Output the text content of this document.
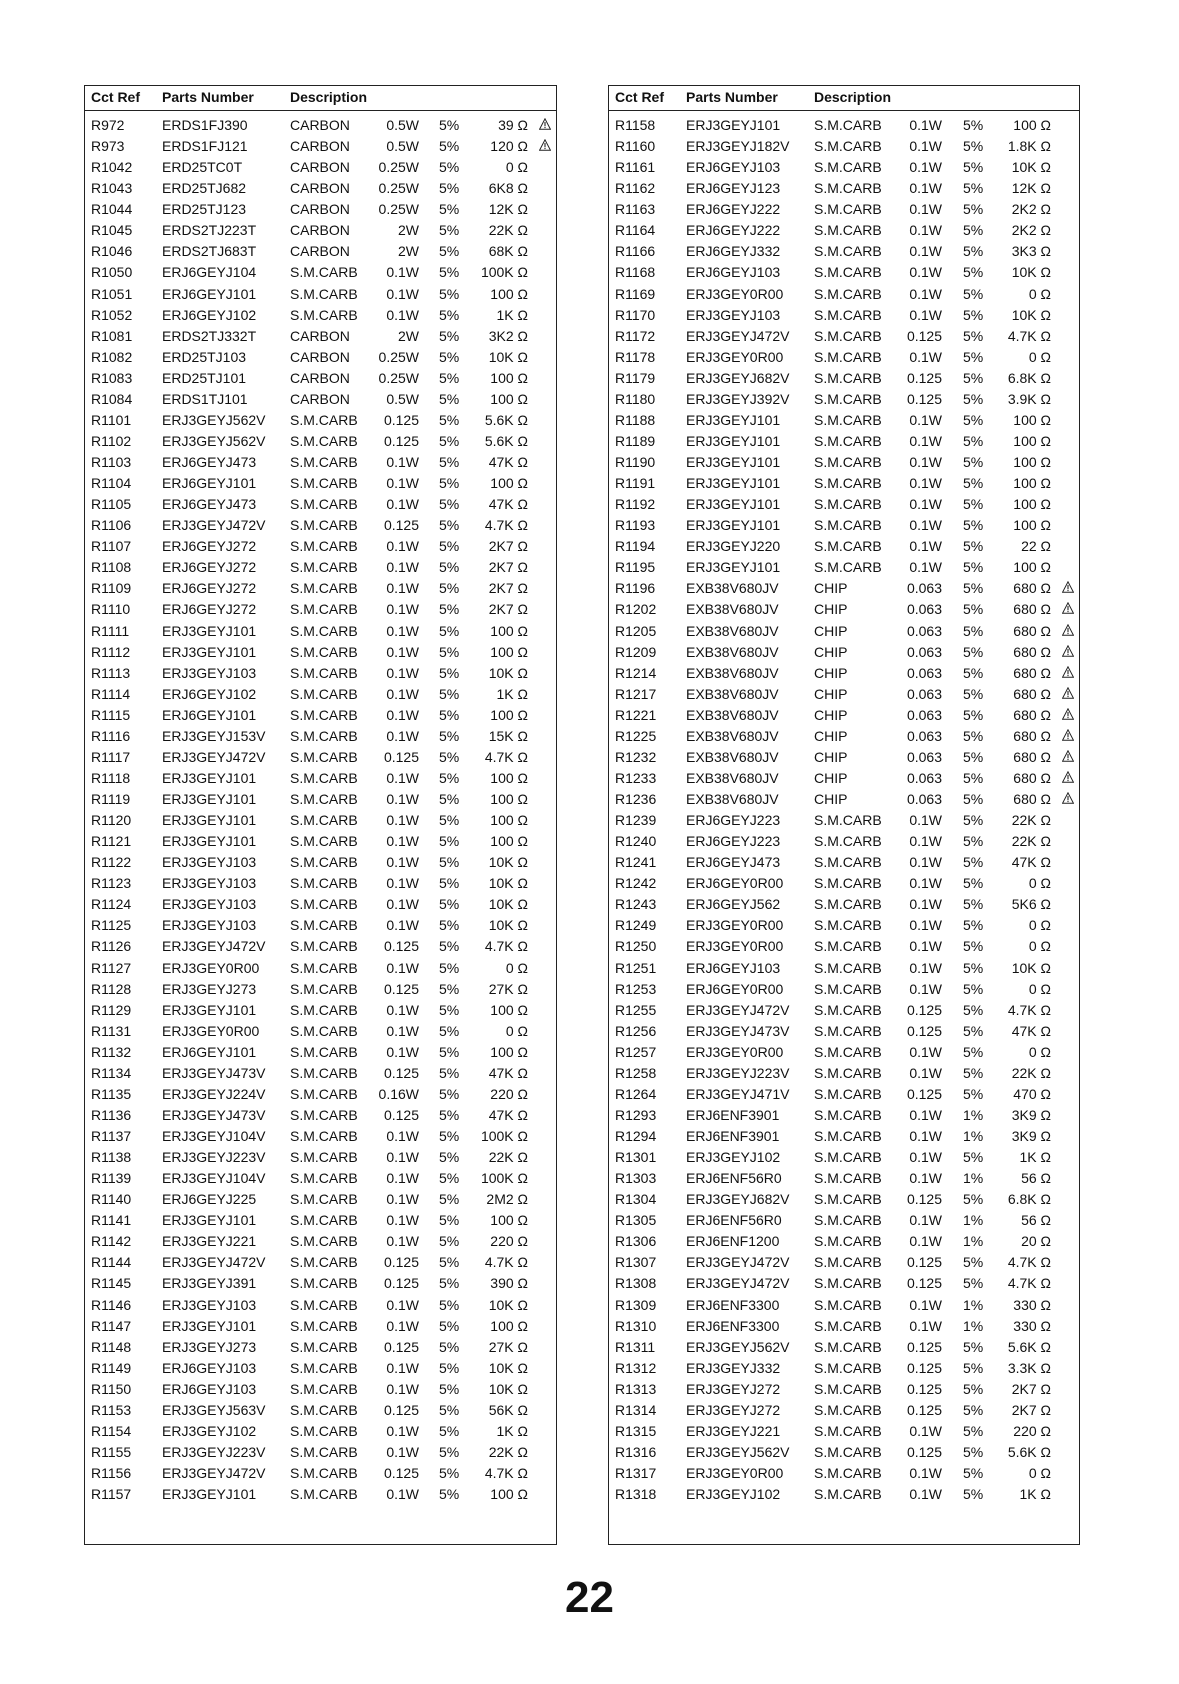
Cct Ref Parts Number	Description
R972	ERDS1FJ390	CARBON	0.5W 5%	39 Ω
R973	ERDS1FJ121	CARBON	0.5W 5% 120 Ω
R1042 ERD25TC0T	CARBON 0.25W 5%	0 Ω
R1043 ERD25TJ682	CARBON 0.25W 5% 6K8 Ω
R1044 ERD25TJ123	CARBON 0.25W 5% 12K Ω
R1045 ERDS2TJ223T CARBON	2W 5% 22K Ω
R1046 ERDS2TJ683T CARBON	2W 5% 68K Ω
R1050 ERJ6GEYJ104 S.M.CARB 0.1W 5% 100K Ω
R1051 ERJ6GEYJ101 S.M.CARB 0.1W 5% 100 Ω
R1052 ERJ6GEYJ102 S.M.CARB 0.1W 5%	1K Ω
R1081 ERDS2TJ332T CARBON	2W 5% 3K2 Ω
R1082 ERD25TJ103	CARBON 0.25W 5% 10K Ω
R1083 ERD25TJ101	CARBON 0.25W 5% 100 Ω
R1084 ERDS1TJ101	CARBON	0.5W 5% 100 Ω
R1101 ERJ3GEYJ562V S.M.CARB 0.125 5% 5.6K Ω
R1102 ERJ3GEYJ562V S.M.CARB 0.125 5% 5.6K Ω
R1103 ERJ6GEYJ473 S.M.CARB 0.1W 5% 47K Ω
R1104 ERJ6GEYJ101 S.M.CARB 0.1W 5% 100 Ω
R1105 ERJ6GEYJ473 S.M.CARB 0.1W 5% 47K Ω
R1106 ERJ3GEYJ472V S.M.CARB 0.125 5% 4.7K Ω
R1107 ERJ6GEYJ272 S.M.CARB 0.1W 5% 2K7 Ω
R1108 ERJ6GEYJ272 S.M.CARB 0.1W 5% 2K7 Ω
R1109 ERJ6GEYJ272 S.M.CARB 0.1W 5% 2K7 Ω
R1110 ERJ6GEYJ272 S.M.CARB 0.1W 5% 2K7 Ω
R1111 ERJ3GEYJ101 S.M.CARB 0.1W 5% 100 Ω
R1112 ERJ3GEYJ101 S.M.CARB 0.1W 5% 100 Ω
R1113 ERJ3GEYJ103 S.M.CARB 0.1W 5% 10K Ω
R1114 ERJ6GEYJ102 S.M.CARB 0.1W 5%	1K Ω
R1115 ERJ6GEYJ101 S.M.CARB 0.1W 5% 100 Ω
R1116 ERJ3GEYJ153V S.M.CARB 0.1W 5% 15K Ω
R1117 ERJ3GEYJ472V S.M.CARB 0.125 5% 4.7K Ω
R1118 ERJ3GEYJ101 S.M.CARB 0.1W 5% 100 Ω
R1119 ERJ3GEYJ101 S.M.CARB 0.1W 5% 100 Ω
R1120 ERJ3GEYJ101 S.M.CARB 0.1W 5% 100 Ω
R1121 ERJ3GEYJ101 S.M.CARB 0.1W 5% 100 Ω
R1122 ERJ3GEYJ103 S.M.CARB 0.1W 5% 10K Ω
R1123 ERJ3GEYJ103 S.M.CARB 0.1W 5% 10K Ω
R1124 ERJ3GEYJ103 S.M.CARB 0.1W 5% 10K Ω
R1125 ERJ3GEYJ103 S.M.CARB 0.1W 5% 10K Ω
R1126 ERJ3GEYJ472V S.M.CARB 0.125 5% 4.7K Ω
R1127 ERJ3GEY0R00 S.M.CARB 0.1W 5%	0 Ω
R1128 ERJ3GEYJ273 S.M.CARB 0.125 5% 27K Ω
R1129 ERJ3GEYJ101 S.M.CARB 0.1W 5% 100 Ω
R1131 ERJ3GEY0R00 S.M.CARB 0.1W 5%	0 Ω
R1132 ERJ6GEYJ101 S.M.CARB 0.1W 5% 100 Ω
R1134 ERJ3GEYJ473V S.M.CARB 0.125 5% 47K Ω
R1135 ERJ3GEYJ224V S.M.CARB 0.16W 5% 220 Ω
R1136 ERJ3GEYJ473V S.M.CARB 0.125 5% 47K Ω
R1137 ERJ3GEYJ104V S.M.CARB 0.1W 5% 100K Ω
R1138 ERJ3GEYJ223V S.M.CARB 0.1W 5% 22K Ω
R1139 ERJ3GEYJ104V S.M.CARB 0.1W 5% 100K Ω
R1140 ERJ6GEYJ225 S.M.CARB 0.1W 5% 2M2 Ω
R1141 ERJ3GEYJ101 S.M.CARB 0.1W 5% 100 Ω
R1142 ERJ3GEYJ221 S.M.CARB 0.1W 5% 220 Ω
R1144 ERJ3GEYJ472V S.M.CARB 0.125 5% 4.7K Ω
R1145 ERJ3GEYJ391 S.M.CARB 0.125 5% 390 Ω
R1146 ERJ3GEYJ103 S.M.CARB 0.1W 5% 10K Ω
R1147 ERJ3GEYJ101 S.M.CARB 0.1W 5% 100 Ω
R1148 ERJ3GEYJ273 S.M.CARB 0.125 5% 27K Ω
R1149 ERJ6GEYJ103 S.M.CARB 0.1W 5% 10K Ω
R1150 ERJ6GEYJ103 S.M.CARB 0.1W 5% 10K Ω
R1153 ERJ3GEYJ563V S.M.CARB 0.125 5% 56K Ω
R1154 ERJ3GEYJ102 S.M.CARB 0.1W 5%	1K Ω
R1155 ERJ3GEYJ223V S.M.CARB 0.1W 5% 22K Ω
R1156 ERJ3GEYJ472V S.M.CARB 0.125 5% 4.7K Ω
R1157 ERJ3GEYJ101 S.M.CARB 0.1W 5% 100 Ω
Cct Ref Parts Number	Description
R1158 ERJ3GEYJ101 S.M.CARB 0.1W 5% 100 Ω
R1160 ERJ3GEYJ182V S.M.CARB 0.1W 5% 1.8K Ω
R1161 ERJ6GEYJ103 S.M.CARB 0.1W 5% 10K Ω
R1162 ERJ6GEYJ123 S.M.CARB 0.1W 5% 12K Ω
R1163 ERJ6GEYJ222 S.M.CARB 0.1W 5% 2K2 Ω
R1164 ERJ6GEYJ222 S.M.CARB 0.1W 5% 2K2 Ω
R1166 ERJ6GEYJ332 S.M.CARB 0.1W 5% 3K3 Ω
R1168 ERJ6GEYJ103 S.M.CARB 0.1W 5% 10K Ω
R1169 ERJ3GEY0R00 S.M.CARB 0.1W 5%	0 Ω
R1170 ERJ3GEYJ103 S.M.CARB 0.1W 5% 10K Ω
R1172 ERJ3GEYJ472V S.M.CARB 0.125 5% 4.7K Ω
R1178 ERJ3GEY0R00 S.M.CARB 0.1W 5%	0 Ω
R1179 ERJ3GEYJ682V S.M.CARB 0.125 5% 6.8K Ω
R1180 ERJ3GEYJ392V S.M.CARB 0.125 5% 3.9K Ω
R1188 ERJ3GEYJ101 S.M.CARB 0.1W 5% 100 Ω
R1189 ERJ3GEYJ101 S.M.CARB 0.1W 5% 100 Ω
R1190 ERJ3GEYJ101 S.M.CARB 0.1W 5% 100 Ω
R1191 ERJ3GEYJ101 S.M.CARB 0.1W 5% 100 Ω
R1192 ERJ3GEYJ101 S.M.CARB 0.1W 5% 100 Ω
R1193 ERJ3GEYJ101 S.M.CARB 0.1W 5% 100 Ω
R1194 ERJ3GEYJ220 S.M.CARB 0.1W 5%	22 Ω
R1195 ERJ3GEYJ101 S.M.CARB 0.1W 5% 100 Ω
R1196 EXB38V680JV	CHIP	0.063 5% 680 Ω
R1202 EXB38V680JV	CHIP	0.063 5% 680 Ω
R1205 EXB38V680JV	CHIP	0.063 5% 680 Ω
R1209 EXB38V680JV	CHIP	0.063 5% 680 Ω
R1214 EXB38V680JV	CHIP	0.063 5% 680 Ω
R1217 EXB38V680JV	CHIP	0.063 5% 680 Ω
R1221 EXB38V680JV	CHIP	0.063 5% 680 Ω
R1225 EXB38V680JV	CHIP	0.063 5% 680 Ω
R1232 EXB38V680JV	CHIP	0.063 5% 680 Ω
R1233 EXB38V680JV	CHIP	0.063 5% 680 Ω
R1236 EXB38V680JV	CHIP	0.063 5% 680 Ω
R1239 ERJ6GEYJ223 S.M.CARB 0.1W 5% 22K Ω
R1240 ERJ6GEYJ223 S.M.CARB 0.1W 5% 22K Ω
R1241 ERJ6GEYJ473 S.M.CARB 0.1W 5% 47K Ω
R1242 ERJ6GEY0R00 S.M.CARB 0.1W 5%	0 Ω
R1243 ERJ6GEYJ562 S.M.CARB 0.1W 5% 5K6 Ω
R1249 ERJ3GEY0R00 S.M.CARB 0.1W 5%	0 Ω
R1250 ERJ3GEY0R00 S.M.CARB 0.1W 5%	0 Ω
R1251 ERJ6GEYJ103 S.M.CARB 0.1W 5% 10K Ω
R1253 ERJ6GEY0R00 S.M.CARB 0.1W 5%	0 Ω
R1255 ERJ3GEYJ472V S.M.CARB 0.125 5% 4.7K Ω
R1256 ERJ3GEYJ473V S.M.CARB 0.125 5% 47K Ω
R1257 ERJ3GEY0R00 S.M.CARB 0.1W 5%	0 Ω
R1258 ERJ3GEYJ223V S.M.CARB 0.1W 5% 22K Ω
R1264 ERJ3GEYJ471V S.M.CARB 0.125 5% 470 Ω
R1293 ERJ6ENF3901 S.M.CARB 0.1W 1% 3K9 Ω
R1294 ERJ6ENF3901 S.M.CARB 0.1W 1% 3K9 Ω
R1301 ERJ3GEYJ102 S.M.CARB 0.1W 5%	1K Ω
R1303 ERJ6ENF56R0 S.M.CARB 0.1W 1%	56 Ω
R1304 ERJ3GEYJ682V S.M.CARB 0.125 5% 6.8K Ω
R1305 ERJ6ENF56R0 S.M.CARB 0.1W 1%	56 Ω
R1306 ERJ6ENF1200 S.M.CARB 0.1W 1%	20 Ω
R1307 ERJ3GEYJ472V S.M.CARB 0.125 5% 4.7K Ω
R1308 ERJ3GEYJ472V S.M.CARB 0.125 5% 4.7K Ω
R1309 ERJ6ENF3300 S.M.CARB 0.1W 1% 330 Ω
R1310 ERJ6ENF3300 S.M.CARB 0.1W 1% 330 Ω
R1311 ERJ3GEYJ562V S.M.CARB 0.125 5% 5.6K Ω
R1312 ERJ3GEYJ332 S.M.CARB 0.125 5% 3.3K Ω
R1313 ERJ3GEYJ272 S.M.CARB 0.125 5% 2K7 Ω
R1314 ERJ3GEYJ272 S.M.CARB 0.125 5% 2K7 Ω
R1315 ERJ3GEYJ221 S.M.CARB 0.1W 5% 220 Ω
R1316 ERJ3GEYJ562V S.M.CARB 0.125 5% 5.6K Ω
R1317 ERJ3GEY0R00 S.M.CARB 0.1W 5%	0 Ω
R1318 ERJ3GEYJ102 S.M.CARB 0.1W 5%	1K Ω
22
